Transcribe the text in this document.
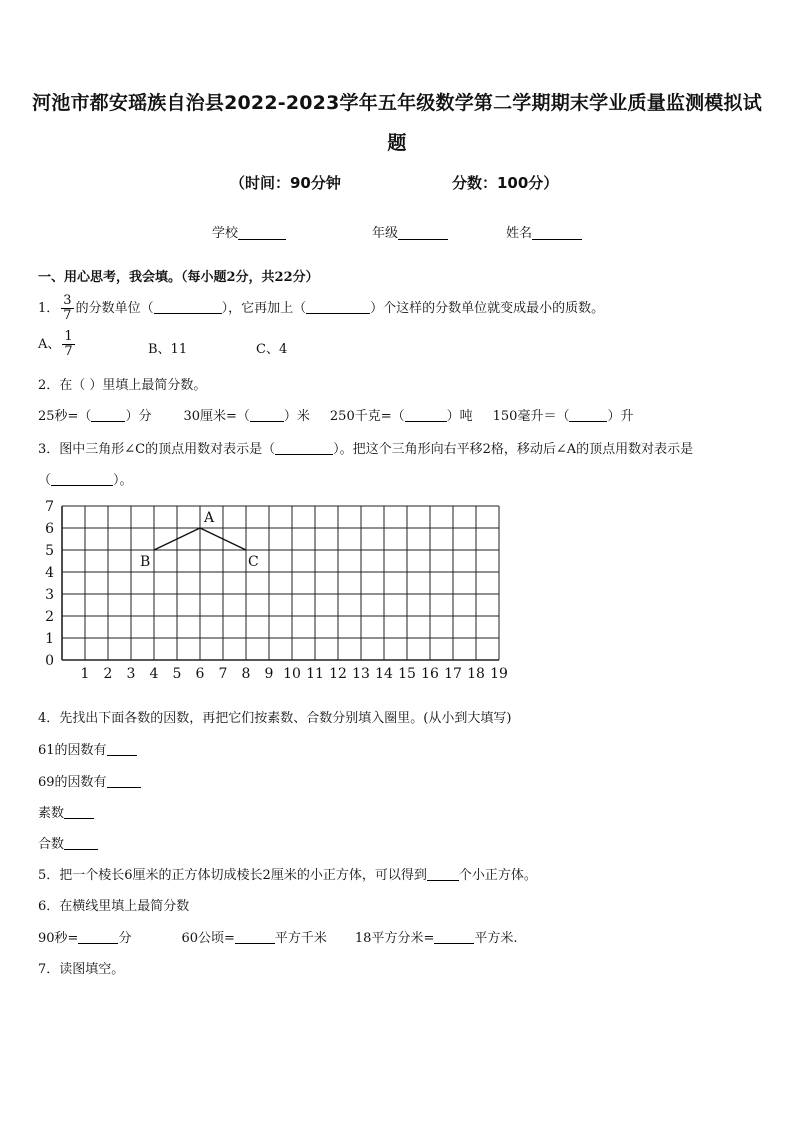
河池市都安瑶族自治县2022-2023学年五年级数学第二学期期末学业质量监测模拟试
题
（时间：90分钟	分数：100分）
学校	年级	姓名
一、用心思考，我会填。（每小题2分，共22分）
1． $\frac{3}{7}$ 的分数单位（	），它再加上（	）个这样的分数单位就变成最小的质数。
A、 $\frac{1}{7}$	B、11	C、4
2．在（ ）里填上最简分数。
25秒=（	）分 30厘米=（	）米 250千克=（	）吨 150毫升＝（	）升
3．图中三角形∠C的顶点用数对表示是（	）。把这个三角形向右平移2格，移动后∠A的顶点用数对表示是
（	）。
1 2 3 4 5 6 7 8 9 10 11 12 13 14 15 16 17 18 19
0
1
2
3
4
5
6
7
A
B	C
4．先找出下面各数的因数，再把它们按素数、合数分别填入圈里。(从小到大填写)
61的因数有
69的因数有
素数
合数
5．把一个棱长6厘米的正方体切成棱长2厘米的小正方体，可以得到 个小正方体。
6．在横线里填上最简分数
90秒=	分	60公顷=	平方千米 18平方分米=	平方米.
7．读图填空。
